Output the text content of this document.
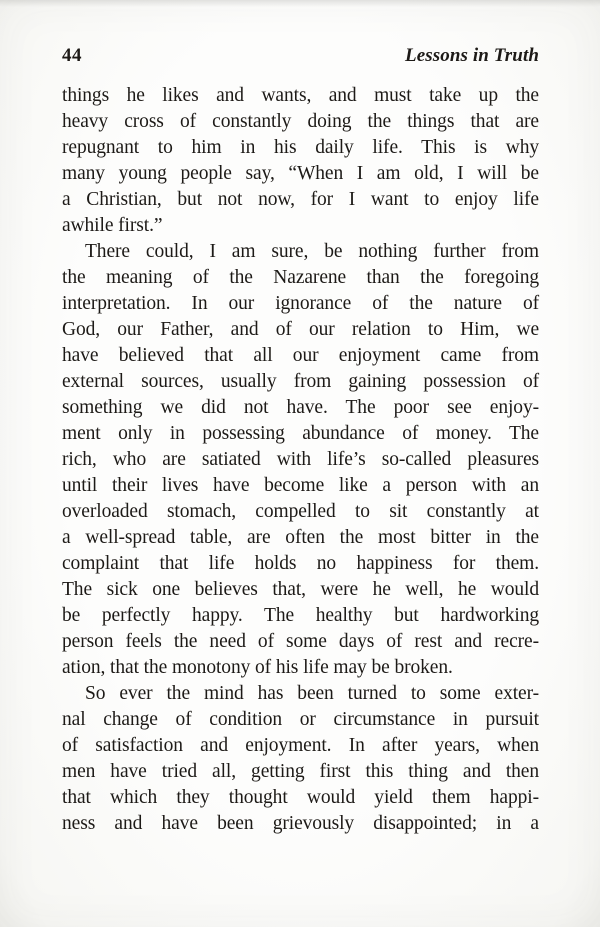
44	Lessons in Truth
things he likes and wants, and must take up the
heavy cross of constantly doing the things that are
repugnant to him in his daily life. This is why
many young people say, “When I am old, I will be
a Christian, but not now, for I want to enjoy life
awhile first.”
There could, I am sure, be nothing further from
the meaning of the Nazarene than the foregoing
interpretation. In our ignorance of the nature of
God, our Father, and of our relation to Him, we
have believed that all our enjoyment came from
external sources, usually from gaining possession of
something we did not have. The poor see enjoy-
ment only in possessing abundance of money. The
rich, who are satiated with life’s so-called pleasures
until their lives have become like a person with an
overloaded stomach, compelled to sit constantly at
a well-spread table, are often the most bitter in the
complaint that life holds no happiness for them.
The sick one believes that, were he well, he would
be perfectly happy. The healthy but hardworking
person feels the need of some days of rest and recre-
ation, that the monotony of his life may be broken.
So ever the mind has been turned to some exter-
nal change of condition or circumstance in pursuit
of satisfaction and enjoyment. In after years, when
men have tried all, getting first this thing and then
that which they thought would yield them happi-
ness and have been grievously disappointed; in a
